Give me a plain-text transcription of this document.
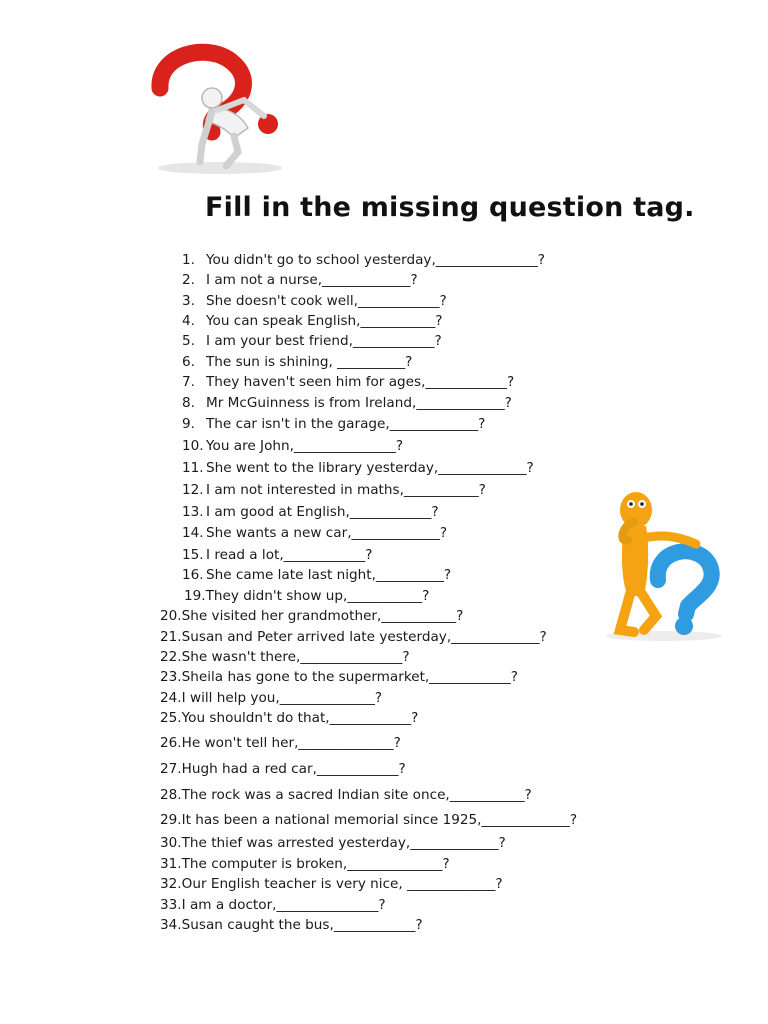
Fill in the missing question tag.
1. You didn't go to school yesterday,_______________?
2. I am not a nurse,_____________?
3. She doesn't cook well,____________?
4. You can speak English,___________?
5. I am your best friend,____________?
6. The sun is shining, __________?
7. They haven't seen him for ages,____________?
8. Mr McGuinness is from Ireland,_____________?
9. The car isn't in the garage,_____________?
10. You are John,_______________?
11. She went to the library yesterday,_____________?
12. I am not interested in maths,___________?
13. I am good at English,____________?
14. She wants a new car,_____________?
15. I read a lot,____________?
16. She came late last night,__________?
19.They didn't show up,___________?
20.She visited her grandmother,___________?
21.Susan and Peter arrived late yesterday,_____________?
22.She wasn't there,_______________?
23.Sheila has gone to the supermarket,____________?
24.I will help you,______________?
25.You shouldn't do that,____________?
26.He won't tell her,______________?
27.Hugh had a red car,____________?
28.The rock was a sacred Indian site once,___________?
29.It has been a national memorial since 1925,_____________?
30.The thief was arrested yesterday,_____________?
31.The computer is broken,______________?
32.Our English teacher is very nice, _____________?
33.I am a doctor,_______________?
34.Susan caught the bus,____________?
